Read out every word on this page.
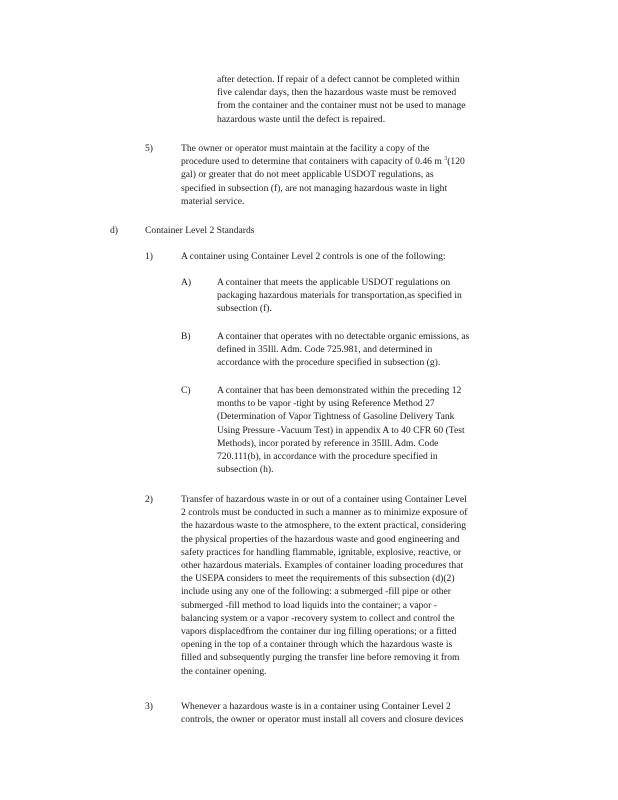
after detection. If repair of a defect cannot be completed within
five calendar days, then the hazardous waste must be removed
from the container and the container must not be used to manage
hazardous waste until the defect is repaired.
5)	The owner or operator must maintain at the facility a copy of the
procedure used to determine that containers with capacity of 0.46 m $^3$(120
gal) or greater that do not meet applicable USDOT regulations, as
specified in subsection (f), are not managing hazardous waste in light
material service.
d)	Container Level 2 Standards
1)	A container using Container Level 2 controls is one of the following:
A)	A container that meets the applicable USDOT regulations on
packaging hazardous materials for transportation,as specified in
subsection (f).
B)	A container that operates with no detectable organic emissions, as
defined in 35Ill. Adm. Code 725.981, and determined in
accordance with the procedure specified in subsection (g).
C)	A container that has been demonstrated within the preceding 12
months to be vapor -tight by using Reference Method 27
(Determination of Vapor Tightness of Gasoline Delivery Tank
Using Pressure -Vacuum Test) in appendix A to 40 CFR 60 (Test
Methods), incor porated by reference in 35Ill. Adm. Code
720.111(b), in accordance with the procedure specified in
subsection (h).
2)	Transfer of hazardous waste in or out of a container using Container Level
2 controls must be conducted in such a manner as to minimize exposure of
the hazardous waste to the atmosphere, to the extent practical, considering
the physical properties of the hazardous waste and good engineering and
safety practices for handling flammable, ignitable, explosive, reactive, or
other hazardous materials. Examples of container loading procedures that
the USEPA considers to meet the requirements of this subsection (d)(2)
include using any one of the following: a submerged -fill pipe or other
submerged -fill method to load liquids into the container; a vapor -
balancing system or a vapor -recovery system to collect and control the
vapors displacedfrom the container dur ing filling operations; or a fitted
opening in the top of a container through which the hazardous waste is
filled and subsequently purging the transfer line before removing it from
the container opening.
3)	Whenever a hazardous waste is in a container using Container Level 2
controls, the owner or operator must install all covers and closure devices
